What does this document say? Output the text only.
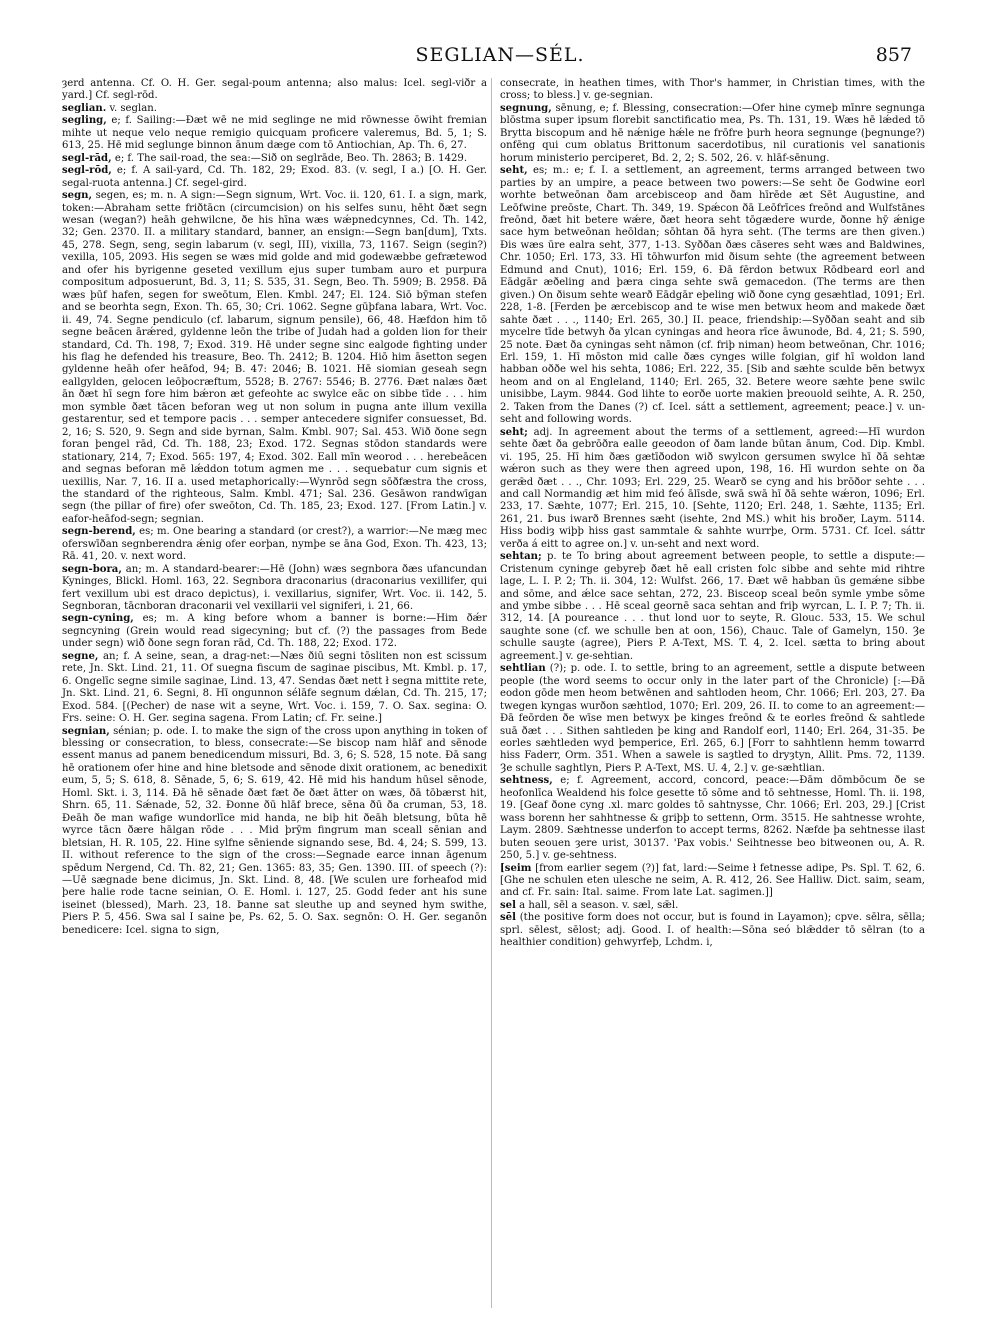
SEGLIAN—SÉL.	857

ȝerd antenna. Cf. O. H. Ger. segal-poum antenna; also malus: Icel. segl-viðr a yard.] Cf. segl-rōd.

seglian. v. seglan.

segling, e; f. Sailing:—Ðæt wē ne mid seglinge ne mid rōwnesse ōwiht fremian mihte ut neque velo neque remigio quicquam proficere valeremus, Bd. 5, 1; S. 613, 25. Hē mid seglunge binnon ānum dæge com tō Antiochian, Ap. Th. 6, 27.

segl-rād, e; f. The sail-road, the sea:—Sið on seglrāde, Beo. Th. 2863; B. 1429.

segl-rōd, e; f. A sail-yard, Cd. Th. 182, 29; Exod. 83. (v. segl, I a.) [O. H. Ger. segal-ruota antenna.] Cf. segel-gird.

segn, segen, es; m. n. A sign:—Segn signum, Wrt. Voc. ii. 120, 61. I. a sign, mark, token:—Abraham sette friðtācn (circumcision) on his selfes sunu, hēht ðæt segn wesan (wegan?) heāh gehwilcne, ðe his hīna wæs wǽpnedcynnes, Cd. Th. 142, 32; Gen. 2370. II. a military standard, banner, an ensign:—Segn ban[dum], Txts. 45, 278. Segn, seng, segin labarum (v. segl, III), vixilla, 73, 1167. Seign (segin?) vexilla, 105, 2093. His segen se wæs mid golde and mid godewæbbe gefrætewod and ofer his byrigenne geseted vexillum ejus super tumbam auro et purpura compositum adposuerunt, Bd. 3, 11; S. 535, 31. Segn, Beo. Th. 5909; B. 2958. Ðā wæs þūf hafen, segen for sweōtum, Elen. Kmbl. 247; El. 124. Siō bȳman stefen and se beorhta segn, Exon. Th. 65, 30; Cri. 1062. Segne gūþfana labara, Wrt. Voc. ii. 49, 74. Segne pendiculo (cf. labarum, signum pensile), 66, 48. Hæfdon him tō segne beācen ārǽred, gyldenne leōn the tribe of Judah had a golden lion for their standard, Cd. Th. 198, 7; Exod. 319. Hē under segne sinc ealgode fighting under his flag he defended his treasure, Beo. Th. 2412; B. 1204. Hiō him āsetton segen gyldenne heāh ofer heāfod, 94; B. 47: 2046; B. 1021. Hē siomian geseah segn eallgylden, gelocen leōþocræftum, 5528; B. 2767: 5546; B. 2776. Ðæt nalæs ðæt ān ðæt hī segn fore him bǽron æt gefeohte ac swylce eāc on sibbe tīde . . . him mon symble ðæt tācen beforan weg ut non solum in pugna ante illum vexilla gestarentur, sed et tempore pacis . . . semper antecedere signifer consuesset, Bd. 2, 16; S. 520, 9. Segn and side byrnan, Salm. Kmbl. 907; Sal. 453. Wið ðone segn foran þengel rād, Cd. Th. 188, 23; Exod. 172. Segnas stōdon standards were stationary, 214, 7; Exod. 565: 197, 4; Exod. 302. Eall mīn weorod . . . herebeācen and segnas beforan mē lǽddon totum agmen me . . . sequebatur cum signis et uexillis, Nar. 7, 16. II a. used metaphorically:—Wynrōd segn sōðfæstra the cross, the standard of the righteous, Salm. Kmbl. 471; Sal. 236. Gesāwon randwīgan segn (the pillar of fire) ofer sweōton, Cd. Th. 185, 23; Exod. 127. [From Latin.] v. eafor-heāfod-segn; segnian.

segn-berend, es; m. One bearing a standard (or crest?), a warrior:—Ne mæg mec oferswīðan segnberendra ǽnig ofer eorþan, nymþe se āna God, Exon. Th. 423, 13; Rā. 41, 20. v. next word.

segn-bora, an; m. A standard-bearer:—Hē (John) wæs segnbora ðæs ufancundan Kyninges, Blickl. Homl. 163, 22. Segnbora draconarius (draconarius vexillifer, qui fert vexillum ubi est draco depictus), i. vexillarius, signifer, Wrt. Voc. ii. 142, 5. Segnboran, tācnboran draconarii vel vexillarii vel signiferi, i. 21, 66.

segn-cyning, es; m. A king before whom a banner is borne:—Him ðǽr segncyning (Grein would read sigecyning; but cf. (?) the passages from Bede under segn) wið ðone segn foran rād, Cd. Th. 188, 22; Exod. 172.

segne, an; f. A seine, sean, a drag-net:—Næs ðiū segni tōsliten non est scissum rete, Jn. Skt. Lind. 21, 11. Of suegna fiscum de saginae piscibus, Mt. Kmbl. p. 17, 6. Ongelīc segne simile saginae, Lind. 13, 47. Sendas ðæt nett ł segna mittite rete, Jn. Skt. Lind. 21, 6. Segni, 8. Hī ongunnon sélāfe segnum dǽlan, Cd. Th. 215, 17; Exod. 584. [(Pecher) de nase wit a seyne, Wrt. Voc. i. 159, 7. O. Sax. segina: O. Frs. seine: O. H. Ger. segina sagena. From Latin; cf. Fr. seine.]

segnian, sénian; p. ode. I. to make the sign of the cross upon anything in token of blessing or consecration, to bless, consecrate:—Se biscop nam hlāf and sēnode essent manus ad panem benedicendum missuri, Bd. 3, 6; S. 528, 15 note. Ðā sang hē orationem ofer hine and hine bletsode and sēnode dixit orationem, ac benedixit eum, 5, 5; S. 618, 8. Sēnade, 5, 6; S. 619, 42. Hē mid his handum hūsel sēnode, Homl. Skt. i. 3, 114. Ðā hē sēnade ðæt fæt ðe ðæt ātter on wæs, ðā tōbærst hit, Shrn. 65, 11. Sǽnade, 52, 32. Ðonne ðū hlāf brece, sēna ðū ða cruman, 53, 18. Ðeāh ðe man wafige wundorlīce mid handa, ne biþ hit ðeāh bletsung, būta hē wyrce tācn ðære hālgan rōde . . . Mid þrȳm fingrum man sceall sēnian and bletsian, H. R. 105, 22. Hine sylfne sēniende signando sese, Bd. 4, 24; S. 599, 13. II. without reference to the sign of the cross:—Segnade earce innan āgenum spēdum Nergend, Cd. Th. 82, 21; Gen. 1365: 83, 35; Gen. 1390. III. of speech (?):—Uē sægnade bene dicimus, Jn. Skt. Lind. 8, 48. [We sculen ure forheafod mid þere halie rode tacne seinian, O. E. Homl. i. 127, 25. Godd feder ant his sune iseinet (blessed), Marh. 23, 18. Þanne sat sleuthe up and seyned hym swithe, Piers P. 5, 456. Swa sal I saine þe, Ps. 62, 5. O. Sax. segnōn: O. H. Ger. seganōn benedicere: Icel. signa to sign,

consecrate, in heathen times, with Thor's hammer, in Christian times, with the cross; to bless.] v. ge-segnian.

segnung, sēnung, e; f. Blessing, consecration:—Ofer hine cymeþ mīnre segnunga blōstma super ipsum florebit sanctificatio mea, Ps. Th. 131, 19. Wæs hē lǽded tō Brytta biscopum and hē nǽnige hǽle ne frōfre þurh heora segnunge (þegnunge?) onfēng qui cum oblatus Brittonum sacerdotibus, nil curationis vel sanationis horum ministerio perciperet, Bd. 2, 2; S. 502, 26. v. hlāf-sēnung.

seht, es; m.: e; f. I. a settlement, an agreement, terms arranged between two parties by an umpire, a peace between two powers:—Se seht ðe Godwine eorl worhte betweōnan ðam arcebisceop and ðam hīrēde æt Sēt Augustine, and Leōfwine preōste, Chart. Th. 349, 19. Spǽcon ðā Leōfrīces freōnd and Wulfstānes freōnd, ðæt hit betere wǽre, ðæt heora seht tōgædere wurde, ðonne hȳ ǽnige sace hym betweōnan heōldan; sōhtan ðā hyra seht. (The terms are then given.) Ðis wæs ūre ealra seht, 377, 1-13. Syððan ðæs cāseres seht wæs and Baldwines, Chr. 1050; Erl. 173, 33. Hī tōhwurfon mid ðisum sehte (the agreement between Edmund and Cnut), 1016; Erl. 159, 6. Ðā fērdon betwux Rōdbeard eorl and Eādgār æðeling and þæra cinga sehte swā gemacedon. (The terms are then given.) On ðisum sehte wearð Eādgār eþeling wið ðone cyng gesæhtlad, 1091; Erl. 228, 1-8. [Ferden þe ærcebiscop and te wise men betwux heom and makede ðæt sahte ðæt . . ., 1140; Erl. 265, 30.] II. peace, friendship:—Syððan seaht and sib mycelre tīde betwyh ða ylcan cyningas and heora rīce āwunode, Bd. 4, 21; S. 590, 25 note. Ðæt ða cyningas seht nāmon (cf. friþ niman) heom betweōnan, Chr. 1016; Erl. 159, 1. Hī mōston mid calle ðæs cynges wille folgian, gif hī woldon land habban oððe wel his sehta, 1086; Erl. 222, 35. [Sib and sæhte sculde bēn betwyx heom and on al Engleland, 1140; Erl. 265, 32. Betere weore sæhte þene swilc unisibbe, Laym. 9844. God lihte to eorðe uorte makien þreouold seihte, A. R. 250, 2. Taken from the Danes (?) cf. Icel. sátt a settlement, agreement; peace.] v. un-seht and following words.

seht; adj. In agreement about the terms of a settlement, agreed:—Hī wurdon sehte ðæt ða gebrōðra ealle geeodon of ðam lande būtan ānum, Cod. Dip. Kmbl. vi. 195, 25. Hī him ðæs gætīðodon wið swylcon gersumen swylce hī ðā sehtæ wǽron such as they were then agreed upon, 198, 16. Hī wurdon sehte on ða gerǣd ðæt . . ., Chr. 1093; Erl. 229, 25. Wearð se cyng and his brōðor sehte . . . and call Normandig æt him mid feó ālīsde, swā swā hī ðā sehte wǽron, 1096; Erl. 233, 17. Sæhte, 1077; Erl. 215, 10. [Sehte, 1120; Erl. 248, 1. Sæhte, 1135; Erl. 261, 21. Þus iwarð Brennes sæht (isehte, 2nd MS.) whit his broðer, Laym. 5114. Hiss bodiȝ wiþþ hiss gast sammtale & sahhte wurrþe, Orm. 5731. Cf. Icel. sáttr verða á eitt to agree on.] v. un-seht and next word.

sehtan; p. te To bring about agreement between people, to settle a dispute:—Cristenum cyninge gebyreþ ðæt hē eall cristen folc sibbe and sehte mid rihtre lage, L. I. P. 2; Th. ii. 304, 12: Wulfst. 266, 17. Ðæt wē habban ūs gemǽne sibbe and sōme, and ǽlce sace sehtan, 272, 23. Bisceop sceal beōn symle ymbe sōme and ymbe sibbe . . . Hē sceal geornē saca sehtan and friþ wyrcan, L. I. P. 7; Th. ii. 312, 14. [A poureance . . . thut lond uor to seyte, R. Glouc. 533, 15. We schul saughte sone (cf. we schulle ben at oon, 156), Chauc. Tale of Gamelyn, 150. Ȝe schulle sauȝte (agree), Piers P. A-Text, MS. T. 4, 2. Icel. sætta to bring about agreement.] v. ge-sehtian.

sehtlian (?); p. ode. I. to settle, bring to an agreement, settle a dispute between people (the word seems to occur only in the later part of the Chronicle) [:—Ðā eodon gōde men heom betwēnen and sahtloden heom, Chr. 1066; Erl. 203, 27. Ða twegen kyngas wurðon sæhtlod, 1070; Erl. 209, 26. II. to come to an agreement:—Ðā feōrden ðe wīse men betwyx þe kinges freōnd & te eorles freōnd & sahtlede suā ðæt . . . Sithen sahtleden þe king and Randolf eorl, 1140; Erl. 264, 31-35. Þe eorles sæhtleden wyd þemperice, Erl. 265, 6.] [Forr to sahhtlenn hemm towarrd hiss Faderr, Orm. 351. When a sawele is saȝtled to dryȝtyn, Allit. Pms. 72, 1139. Ȝe schulle saghtlyn, Piers P. A-Text, MS. U. 4, 2.] v. ge-sæhtlian.

sehtness, e; f. Agreement, accord, concord, peace:—Ðām dōmbōcum ðe se heofonlīca Wealdend his folce gesette tō sōme and tō sehtnesse, Homl. Th. ii. 198, 19. [Geaf ðone cyng .xl. marc goldes tō sahtnysse, Chr. 1066; Erl. 203, 29.] [Crist wass borenn her sahhtnesse & griþþ to settenn, Orm. 3515. He sahtnesse wrohte, Laym. 2809. Sæhtnesse underfon to accept terms, 8262. Næfde þa sehtnesse ilast buten seouen ȝere urist, 30137. 'Pax vobis.' Seihtnesse beo bitweonen ou, A. R. 250, 5.] v. ge-sehtness.

[seim [from earlier segem (?)] fat, lard:—Seime ł fetnesse adipe, Ps. Spl. T. 62, 6. [Ghe ne schulen eten ulesche ne seim, A. R. 412, 26. See Halliw. Dict. saim, seam, and cf. Fr. sain: Ital. saime. From late Lat. sagimen.]]

sel a hall, sēl a season. v. sæl, sǣl.

sēl (the positive form does not occur, but is found in Layamon); cpve. sēlra, sēlla; sprl. sēlest, sēlost; adj. Good. I. of health:—Sōna seó blǣdder tō sēlran (to a healthier condition) gehwyrfeþ, Lchdm. i,
